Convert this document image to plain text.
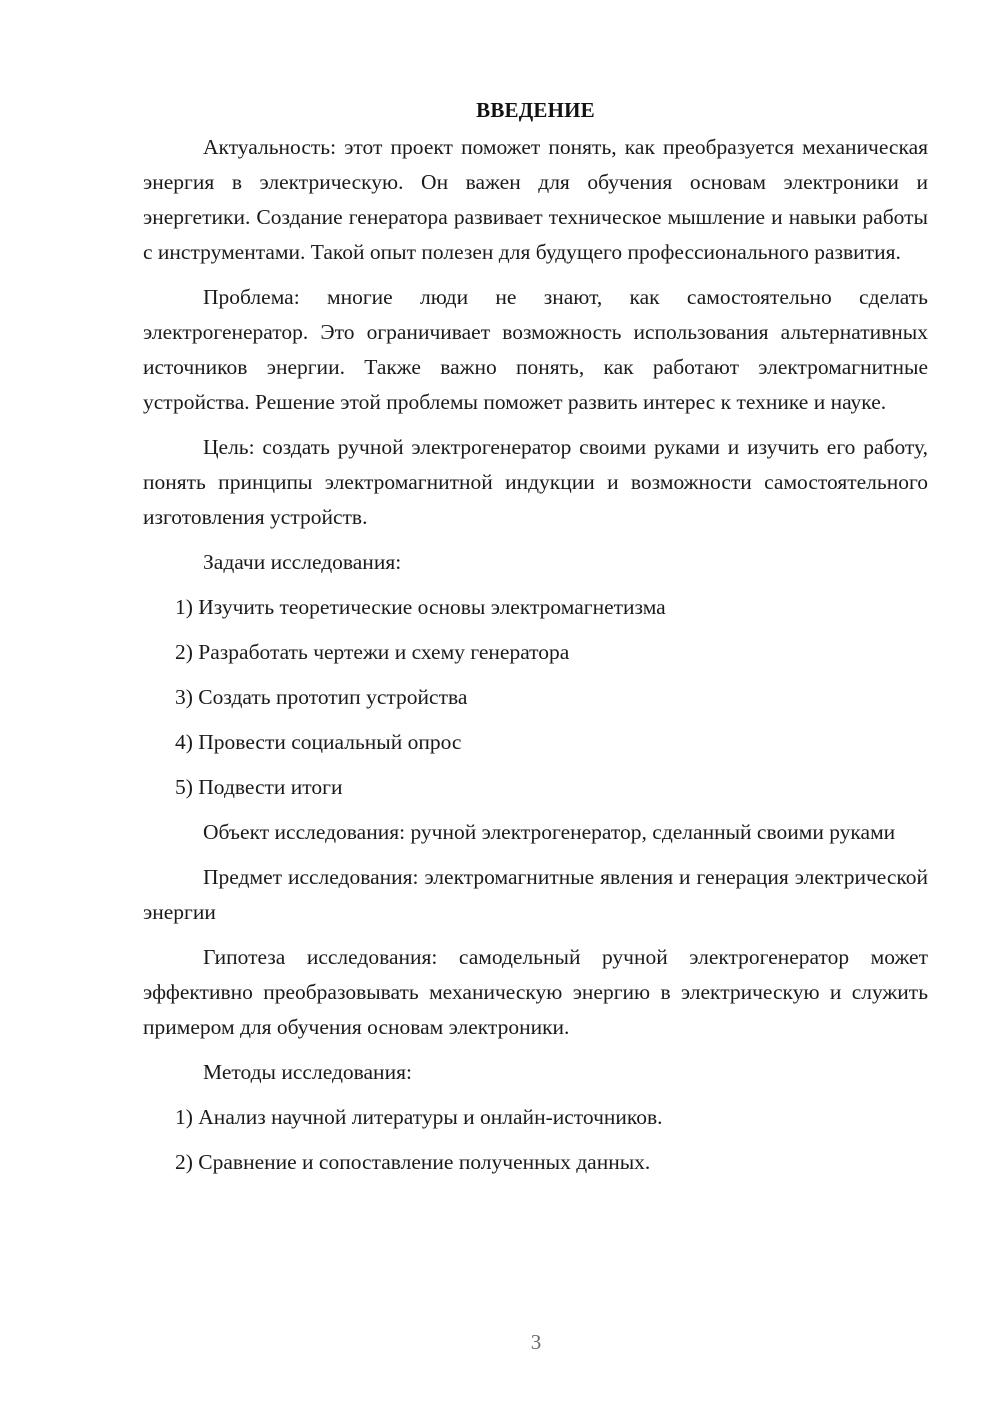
ВВЕДЕНИЕ

Актуальность: этот проект поможет понять, как преобразуется механическая энергия в электрическую. Он важен для обучения основам электроники и энергетики. Создание генератора развивает техническое мышление и навыки работы с инструментами. Такой опыт полезен для будущего профессионального развития.

Проблема: многие люди не знают, как самостоятельно сделать электрогенератор. Это ограничивает возможность использования альтернативных источников энергии. Также важно понять, как работают электромагнитные устройства. Решение этой проблемы поможет развить интерес к технике и науке.

Цель: создать ручной электрогенератор своими руками и изучить его работу, понять принципы электромагнитной индукции и возможности самостоятельного изготовления устройств.

Задачи исследования:

1) Изучить теоретические основы электромагнетизма
2) Разработать чертежи и схему генератора
3) Создать прототип устройства
4) Провести социальный опрос
5) Подвести итоги

Объект исследования: ручной электрогенератор, сделанный своими руками

Предмет исследования: электромагнитные явления и генерация электрической энергии

Гипотеза исследования: самодельный ручной электрогенератор может эффективно преобразовывать механическую энергию в электрическую и служить примером для обучения основам электроники.

Методы исследования:

1) Анализ научной литературы и онлайн-источников.
2) Сравнение и сопоставление полученных данных.
3
